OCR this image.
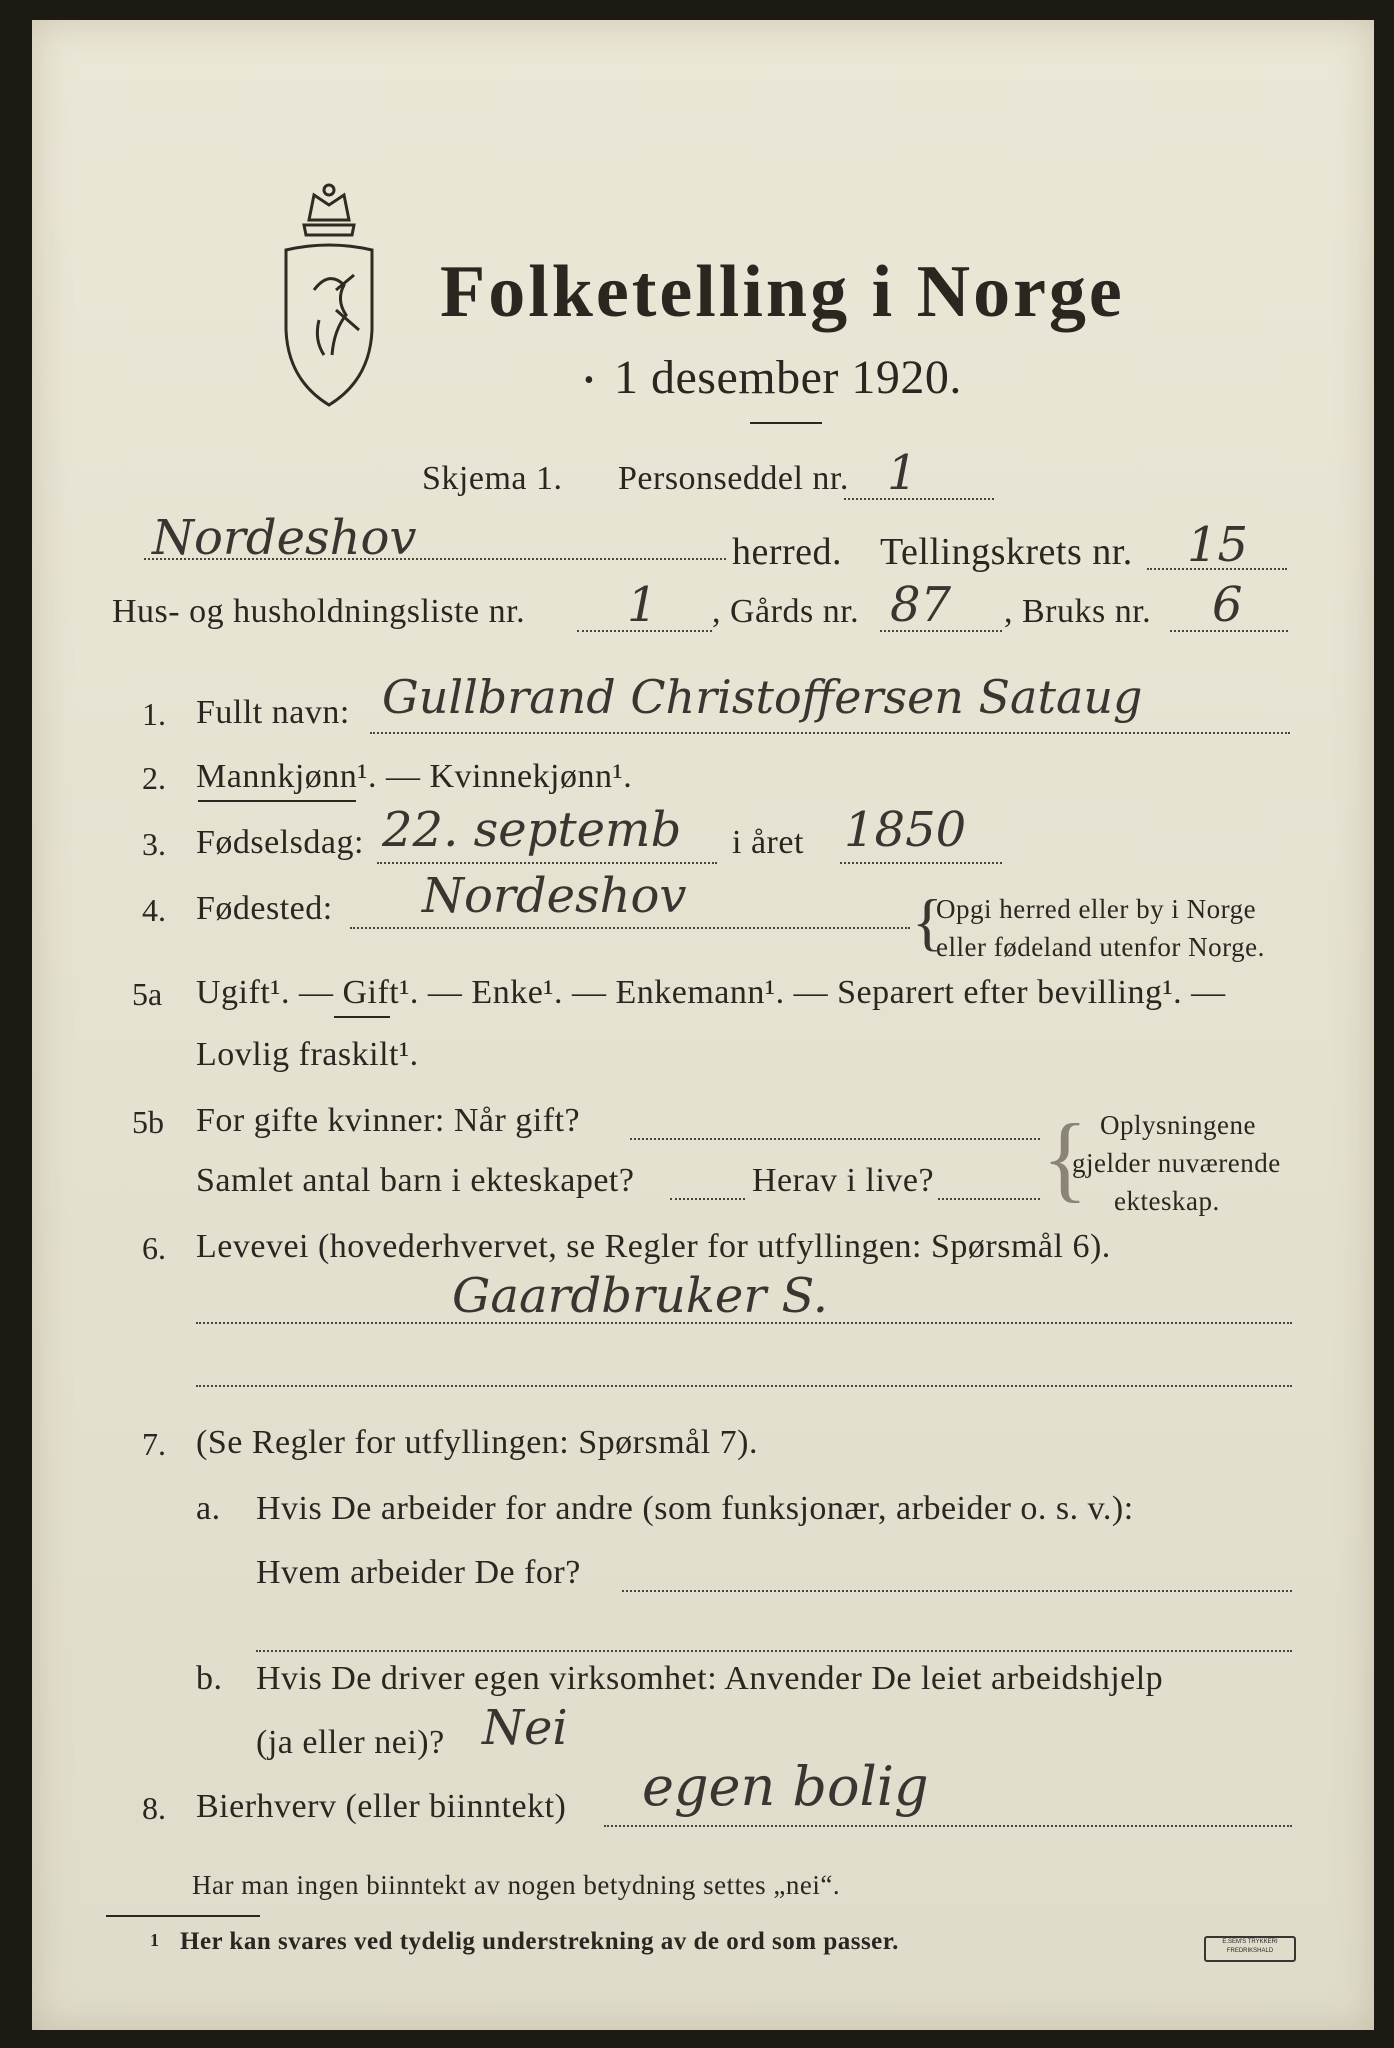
Folketelling i Norge
1 desember 1920.
•
Skjema 1. Personseddel nr. 1
Nordeshov	herred. Tellingskrets nr. 15
Hus- og husholdningsliste nr. 1 , Gårds nr. 87 , Bruks nr. 6
1. Fullt navn: Gullbrand Christoffersen Sataug
2. Mannkjønn¹. — Kvinnekjønn¹.
3. Fødselsdag: 22. septemb i året 1850
4. Fødested: Nordeshov	{
Opgi herred eller by i Norge
eller fødeland utenfor Norge.
5a Ugift¹. — Gift¹. — Enke¹. — Enkemann¹. — Separert efter bevilling¹. —
Lovlig fraskilt¹.
5b For gifte kvinner: Når gift?
Samlet antal barn i ekteskapet?	Herav i live? { Oplysningene
gjelder nuværende
ekteskap.
6. Levevei (hovederhvervet, se Regler for utfyllingen: Spørsmål 6).
Gaardbruker S.
7. (Se Regler for utfyllingen: Spørsmål 7).
a. Hvis De arbeider for andre (som funksjonær, arbeider o. s. v.):
Hvem arbeider De for?
b. Hvis De driver egen virksomhet: Anvender De leiet arbeidshjelp
(ja eller nei)? Nei
8. Bierhverv (eller biinntekt) egen bolig
Har man ingen biinntekt av nogen betydning settes „nei“.
1 Her kan svares ved tydelig understrekning av de ord som passer.	E.SEM'S TRYKKERI FREDRIKSHALD
